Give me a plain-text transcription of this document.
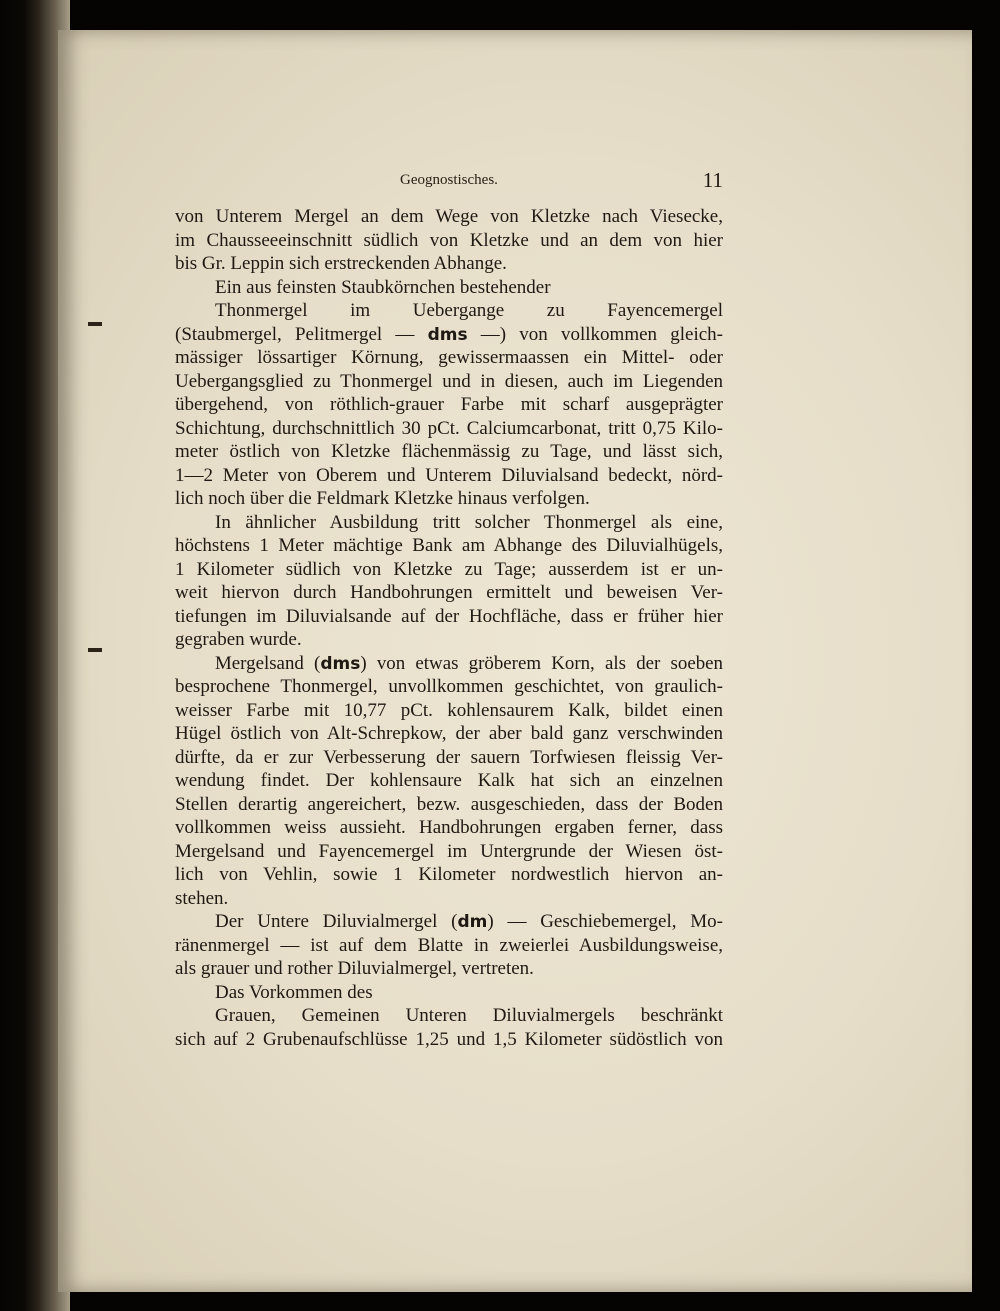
Geognostisches.	11
von Unterem Mergel an dem Wege von Kletzke nach Viesecke,
im Chausseeeinschnitt südlich von Kletzke und an dem von hier
bis Gr. Leppin sich erstreckenden Abhange.
Ein aus feinsten Staubkörnchen bestehender
Thonmergel im Uebergange zu Fayencemergel
(Staubmergel, Pelitmergel — dms —) von vollkommen gleich-
mässiger lössartiger Körnung, gewissermaassen ein Mittel- oder
Uebergangsglied zu Thonmergel und in diesen, auch im Liegenden
übergehend, von röthlich-grauer Farbe mit scharf ausgeprägter
Schichtung, durchschnittlich 30 pCt. Calciumcarbonat, tritt 0,75 Kilo-
meter östlich von Kletzke flächenmässig zu Tage, und lässt sich,
1—2 Meter von Oberem und Unterem Diluvialsand bedeckt, nörd-
lich noch über die Feldmark Kletzke hinaus verfolgen.
In ähnlicher Ausbildung tritt solcher Thonmergel als eine,
höchstens 1 Meter mächtige Bank am Abhange des Diluvialhügels,
1 Kilometer südlich von Kletzke zu Tage; ausserdem ist er un-
weit hiervon durch Handbohrungen ermittelt und beweisen Ver-
tiefungen im Diluvialsande auf der Hochfläche, dass er früher hier
gegraben wurde.
Mergelsand (dms) von etwas gröberem Korn, als der soeben
besprochene Thonmergel, unvollkommen geschichtet, von graulich-
weisser Farbe mit 10,77 pCt. kohlensaurem Kalk, bildet einen
Hügel östlich von Alt-Schrepkow, der aber bald ganz verschwinden
dürfte, da er zur Verbesserung der sauern Torfwiesen fleissig Ver-
wendung findet. Der kohlensaure Kalk hat sich an einzelnen
Stellen derartig angereichert, bezw. ausgeschieden, dass der Boden
vollkommen weiss aussieht. Handbohrungen ergaben ferner, dass
Mergelsand und Fayencemergel im Untergrunde der Wiesen öst-
lich von Vehlin, sowie 1 Kilometer nordwestlich hiervon an-
stehen.
Der Untere Diluvialmergel (dm) — Geschiebemergel, Mo-
ränenmergel — ist auf dem Blatte in zweierlei Ausbildungsweise,
als grauer und rother Diluvialmergel, vertreten.
Das Vorkommen des
Grauen, Gemeinen Unteren Diluvialmergels beschränkt
sich auf 2 Grubenaufschlüsse 1,25 und 1,5 Kilometer südöstlich von
